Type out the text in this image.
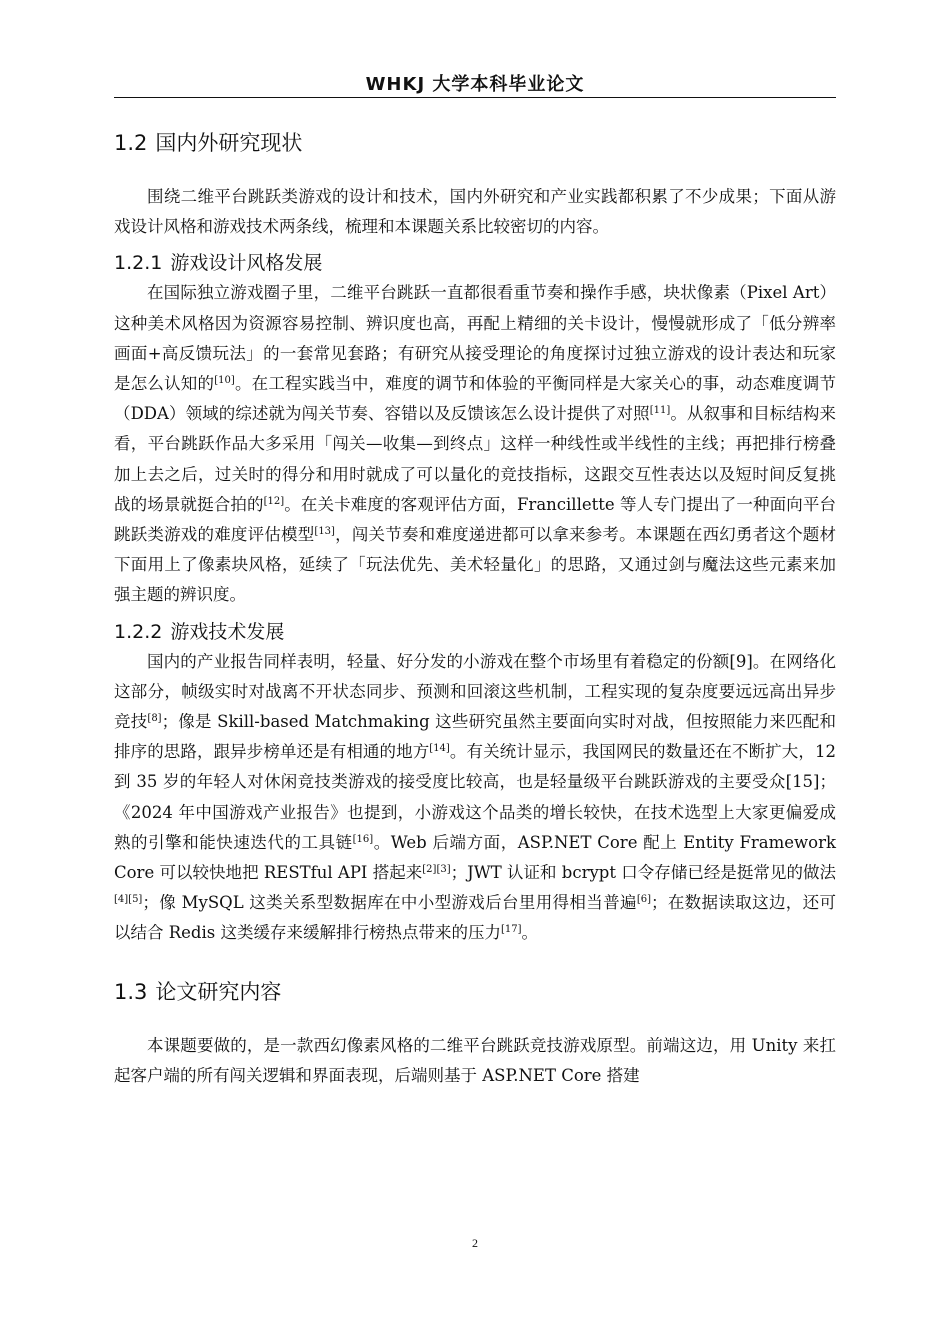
WHKJ 大学本科毕业论文
1.2 国内外研究现状

围绕二维平台跳跃类游戏的设计和技术，国内外研究和产业实践都积累了不少成果；下面从游戏设计风格和游戏技术两条线，梳理和本课题关系比较密切的内容。

1.2.1 游戏设计风格发展

在国际独立游戏圈子里，二维平台跳跃一直都很看重节奏和操作手感，块状像素（Pixel Art）这种美术风格因为资源容易控制、辨识度也高，再配上精细的关卡设计，慢慢就形成了「低分辨率画面+高反馈玩法」的一套常见套路；有研究从接受理论的角度探讨过独立游戏的设计表达和玩家是怎么认知的[10]。在工程实践当中，难度的调节和体验的平衡同样是大家关心的事，动态难度调节（DDA）领域的综述就为闯关节奏、容错以及反馈该怎么设计提供了对照[11]。从叙事和目标结构来看，平台跳跃作品大多采用「闯关—收集—到终点」这样一种线性或半线性的主线；再把排行榜叠加上去之后，过关时的得分和用时就成了可以量化的竞技指标，这跟交互性表达以及短时间反复挑战的场景就挺合拍的[12]。在关卡难度的客观评估方面，Francillette 等人专门提出了一种面向平台跳跃类游戏的难度评估模型[13]，闯关节奏和难度递进都可以拿来参考。本课题在西幻勇者这个题材下面用上了像素块风格，延续了「玩法优先、美术轻量化」的思路，又通过剑与魔法这些元素来加强主题的辨识度。

1.2.2 游戏技术发展

国内的产业报告同样表明，轻量、好分发的小游戏在整个市场里有着稳定的份额[9]。在网络化这部分，帧级实时对战离不开状态同步、预测和回滚这些机制，工程实现的复杂度要远远高出异步竞技[8]；像是 Skill-based Matchmaking 这些研究虽然主要面向实时对战，但按照能力来匹配和排序的思路，跟异步榜单还是有相通的地方[14]。有关统计显示，我国网民的数量还在不断扩大，12 到 35 岁的年轻人对休闲竞技类游戏的接受度比较高，也是轻量级平台跳跃游戏的主要受众[15]；《2024 年中国游戏产业报告》也提到，小游戏这个品类的增长较快，在技术选型上大家更偏爱成熟的引擎和能快速迭代的工具链[16]。Web 后端方面，ASP.NET Core 配上 Entity Framework Core 可以较快地把 RESTful API 搭起来[2][3]；JWT 认证和 bcrypt 口令存储已经是挺常见的做法[4][5]；像 MySQL 这类关系型数据库在中小型游戏后台里用得相当普遍[6]；在数据读取这边，还可以结合 Redis 这类缓存来缓解排行榜热点带来的压力[17]。

1.3 论文研究内容

本课题要做的，是一款西幻像素风格的二维平台跳跃竞技游戏原型。前端这边，用 Unity 来扛起客户端的所有闯关逻辑和界面表现，后端则基于 ASP.NET Core 搭建

2
